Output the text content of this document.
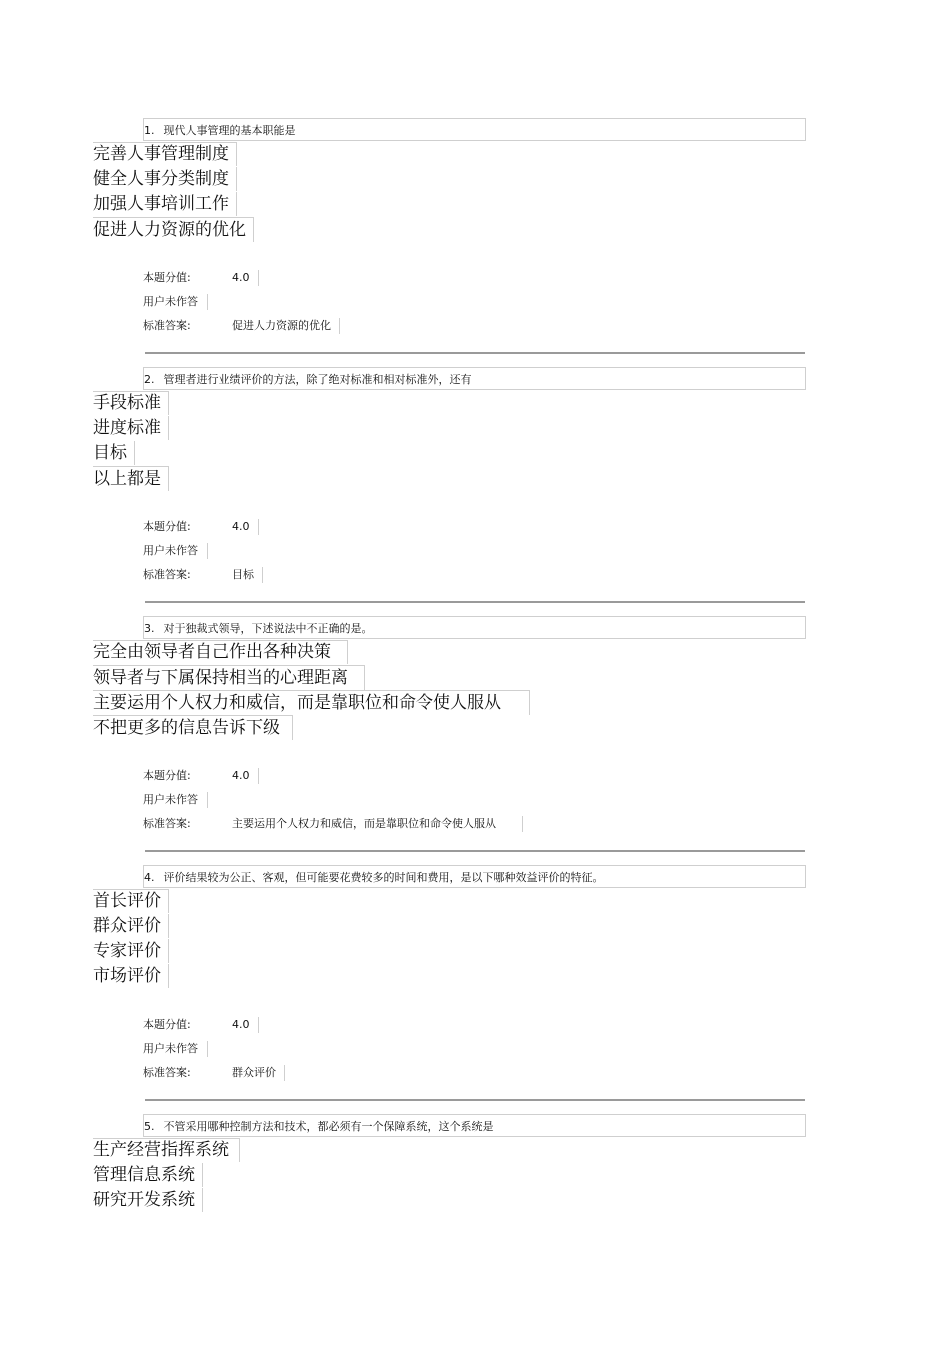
1. 现代人事管理的基本职能是
完善人事管理制度
健全人事分类制度
加强人事培训工作
促进人力资源的优化
本题分值:	4.0
用户未作答
标准答案:	促进人力资源的优化
2. 管理者进行业绩评价的方法，除了绝对标准和相对标准外，还有
手段标准
进度标准
目标
以上都是
本题分值:	4.0
用户未作答
标准答案:	目标
3. 对于独裁式领导，下述说法中不正确的是。
完全由领导者自己作出各种决策
领导者与下属保持相当的心理距离
主要运用个人权力和威信，而是靠职位和命令使人服从
不把更多的信息告诉下级
本题分值:	4.0
用户未作答
标准答案:	主要运用个人权力和威信，而是靠职位和命令使人服从
4. 评价结果较为公正、客观，但可能要花费较多的时间和费用，是以下哪种效益评价的特征。
首长评价
群众评价
专家评价
市场评价
本题分值:	4.0
用户未作答
标准答案:	群众评价
5. 不管采用哪种控制方法和技术，都必须有一个保障系统，这个系统是
生产经营指挥系统
管理信息系统
研究开发系统
